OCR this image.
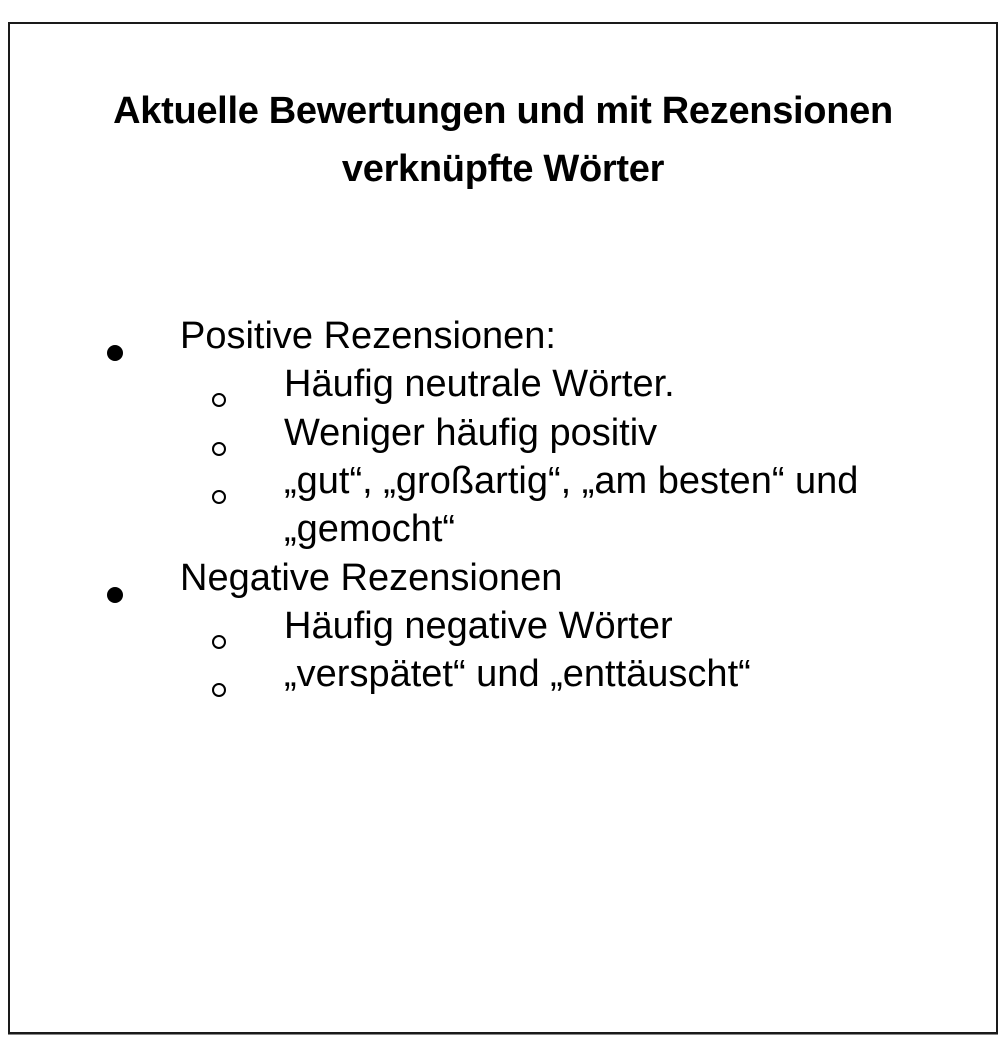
Aktuelle Bewertungen und mit Rezensionen
verknüpfte Wörter
Positive Rezensionen:
Häufig neutrale Wörter.
Weniger häufig positiv
„gut“, „großartig“, „am besten“ und
„gemocht“
Negative Rezensionen
Häufig negative Wörter
„verspätet“ und „enttäuscht“
